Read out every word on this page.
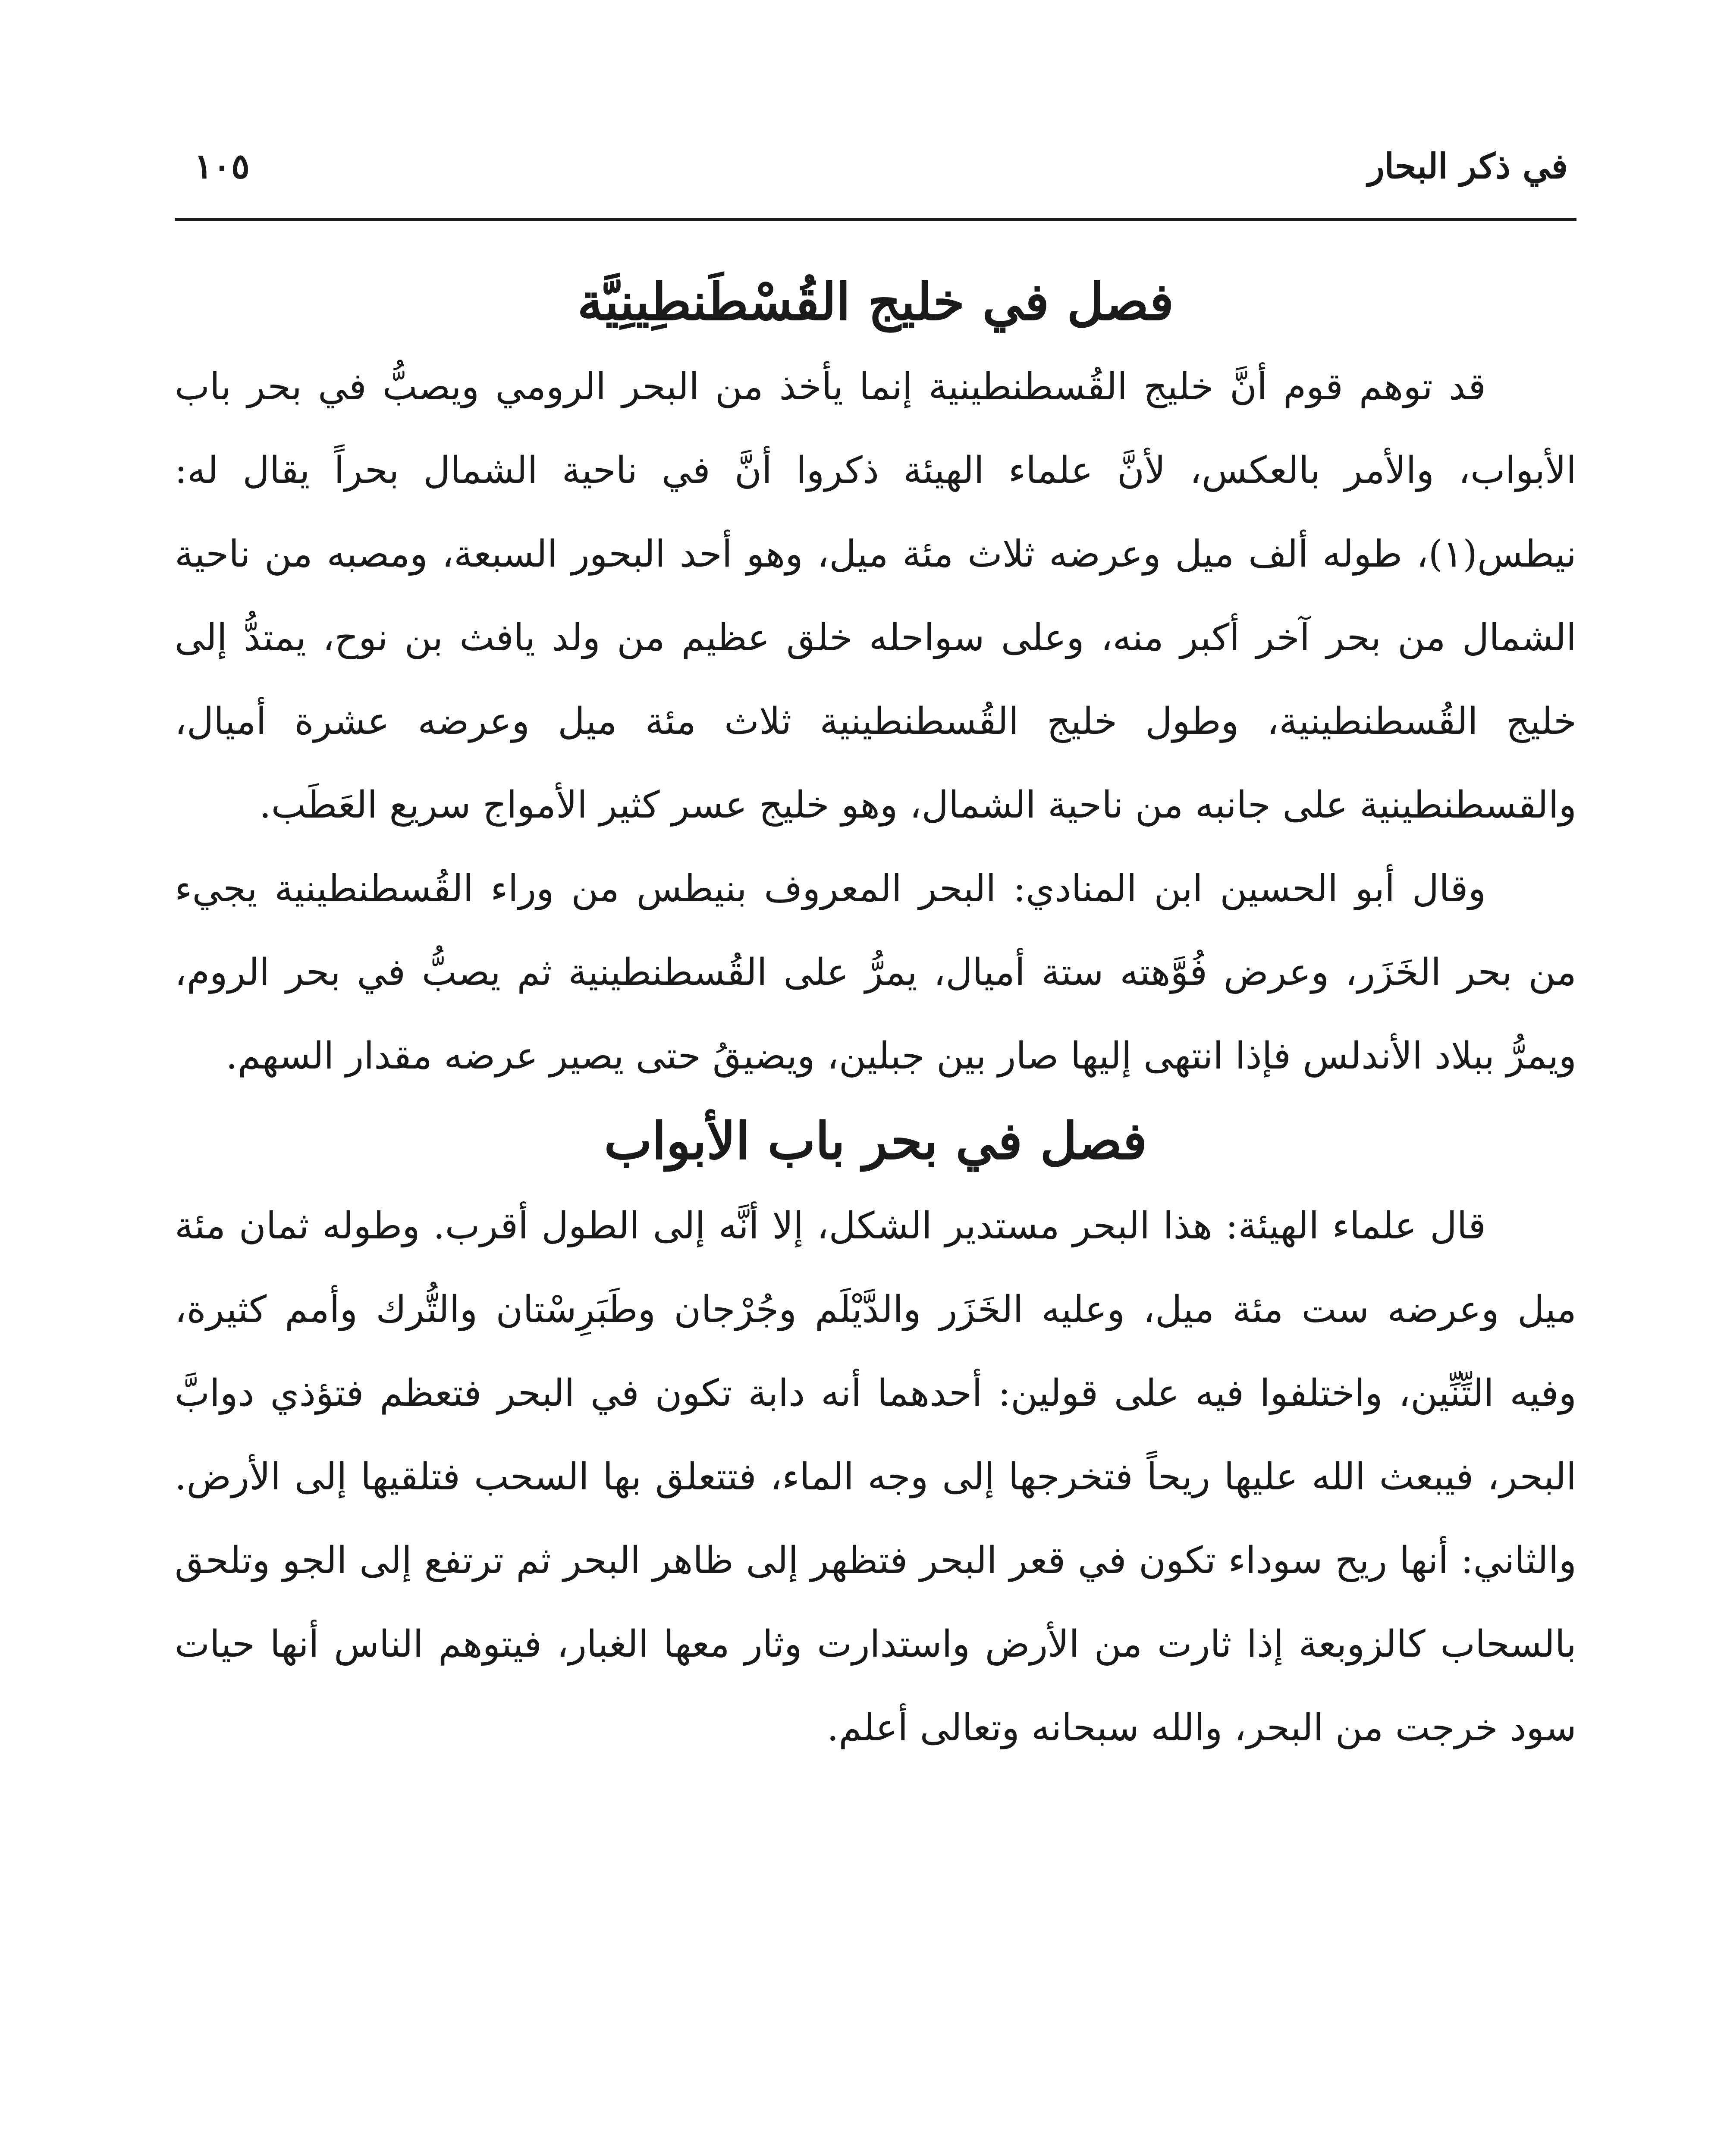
في ذكر البحار
١٠٥
فصل في خليج القُسْطَنطِينِيَّة

قد توهم قوم أنَّ خليج القُسطنطينية إنما يأخذ من البحر الرومي ويصبُّ في بحر باب الأبواب، والأمر بالعكس، لأنَّ علماء الهيئة ذكروا أنَّ في ناحية الشمال بحراً يقال له: نيطس(١)، طوله ألف ميل وعرضه ثلاث مئة ميل، وهو أحد البحور السبعة، ومصبه من ناحية الشمال من بحر آخر أكبر منه، وعلى سواحله خلق عظيم من ولد يافث بن نوح، يمتدُّ إلى خليج القُسطنطينية، وطول خليج القُسطنطينية ثلاث مئة ميل وعرضه عشرة أميال، والقسطنطينية على جانبه من ناحية الشمال، وهو خليج عسر كثير الأمواج سريع العَطَب.

وقال أبو الحسين ابن المنادي: البحر المعروف بنيطس من وراء القُسطنطينية يجيء من بحر الخَزَر، وعرض فُوَّهته ستة أميال، يمرُّ على القُسطنطينية ثم يصبُّ في بحر الروم، ويمرُّ ببلاد الأندلس فإذا انتهى إليها صار بين جبلين، ويضيقُ حتى يصير عرضه مقدار السهم.

فصل في بحر باب الأبواب

قال علماء الهيئة: هذا البحر مستدير الشكل، إلا أنَّه إلى الطول أقرب. وطوله ثمان مئة ميل وعرضه ست مئة ميل، وعليه الخَزَر والدَّيْلَم وجُرْجان وطَبَرِسْتان والتُّرك وأمم كثيرة، وفيه التِّنِّين، واختلفوا فيه على قولين: أحدهما أنه دابة تكون في البحر فتعظم فتؤذي دوابَّ البحر، فيبعث الله عليها ريحاً فتخرجها إلى وجه الماء، فتتعلق بها السحب فتلقيها إلى الأرض. والثاني: أنها ريح سوداء تكون في قعر البحر فتظهر إلى ظاهر البحر ثم ترتفع إلى الجو وتلحق بالسحاب كالزوبعة إذا ثارت من الأرض واستدارت وثار معها الغبار، فيتوهم الناس أنها حيات سود خرجت من البحر، والله سبحانه وتعالى أعلم.
